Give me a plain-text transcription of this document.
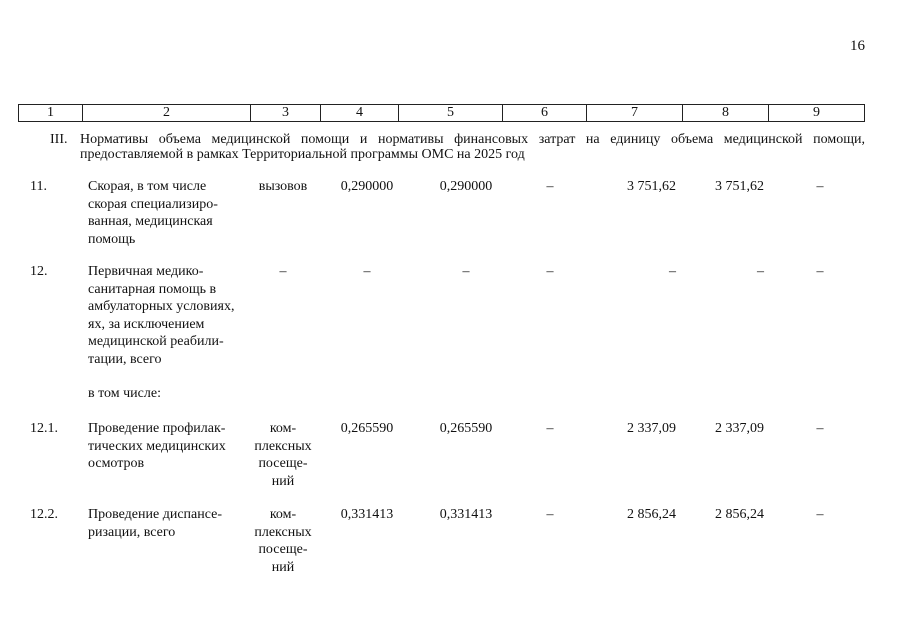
16
1	2	3	4	5	6	7	8	9
III. Нормативы объема медицинской помощи и нормативы финансовых затрат на единицу объема медицинской помощи, предоставляемой в рамках Территориальной программы ОМС на 2025 год
11.	Скорая, в том числе
скорая специализиро-
ванная, медицинская
помощь
вызовов	0,290000	0,290000	–	3 751,62	3 751,62	–
12.	Первичная медико-
санитарная помощь в
амбулаторных условиях,
ях, за исключением
медицинской реабили-
тации, всего
–	–	–	–	–	–	–
в том числе:
12.1.	Проведение профилак-
тических медицинских
осмотров
ком-
плексных
посеще-
ний
0,265590	0,265590	–	2 337,09	2 337,09	–
12.2.	Проведение диспансе-
ризации, всего
ком-
плексных
посеще-
ний
0,331413	0,331413	–	2 856,24	2 856,24	–
